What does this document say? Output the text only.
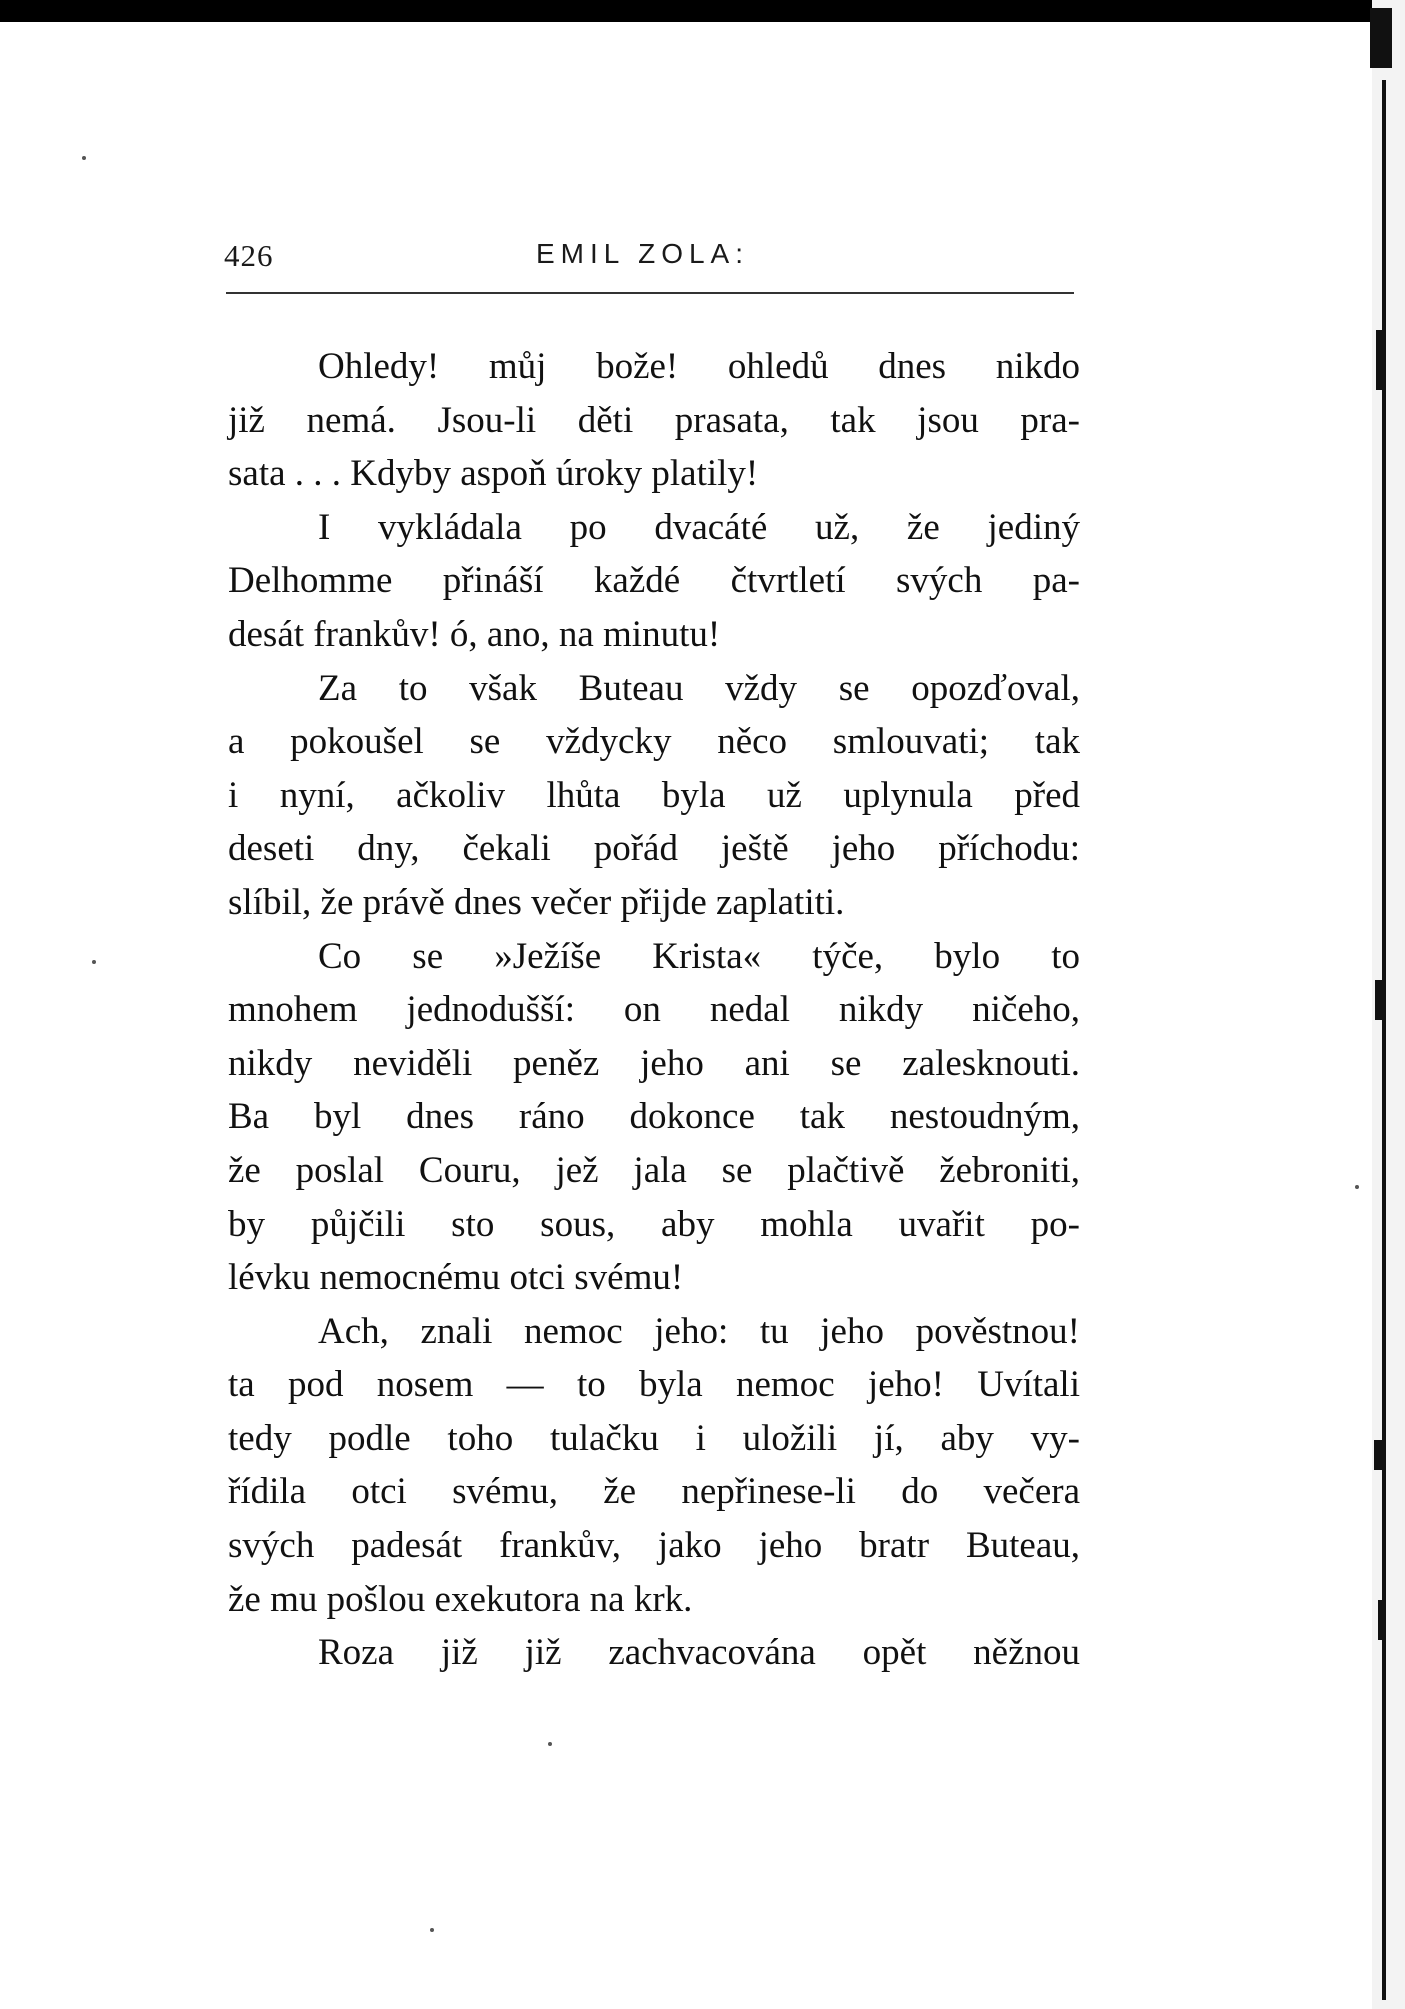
426	EMIL ZOLA:
Ohledy! můj bože! ohledů dnes nikdo
již nemá. Jsou-li děti prasata, tak jsou pra-
sata . . . Kdyby aspoň úroky platily!
I vykládala po dvacáté už, že jediný
Delhomme přináší každé čtvrtletí svých pa-
desát frankův! ó, ano, na minutu!
Za to však Buteau vždy se opozďoval,
a pokoušel se vždycky něco smlouvati; tak
i nyní, ačkoliv lhůta byla už uplynula před
deseti dny, čekali pořád ještě jeho příchodu:
slíbil, že právě dnes večer přijde zaplatiti.
Co se »Ježíše Krista« týče, bylo to
mnohem jednodušší: on nedal nikdy ničeho,
nikdy neviděli peněz jeho ani se zalesknouti.
Ba byl dnes ráno dokonce tak nestoudným,
že poslal Couru, jež jala se plačtivě žebroniti,
by půjčili sto sous, aby mohla uvařit po-
lévku nemocnému otci svému!
Ach, znali nemoc jeho: tu jeho pověstnou!
ta pod nosem — to byla nemoc jeho! Uvítali
tedy podle toho tulačku i uložili jí, aby vy-
řídila otci svému, že nepřinese-li do večera
svých padesát frankův, jako jeho bratr Buteau,
že mu pošlou exekutora na krk.
Roza již již zachvacována opět něžnou
